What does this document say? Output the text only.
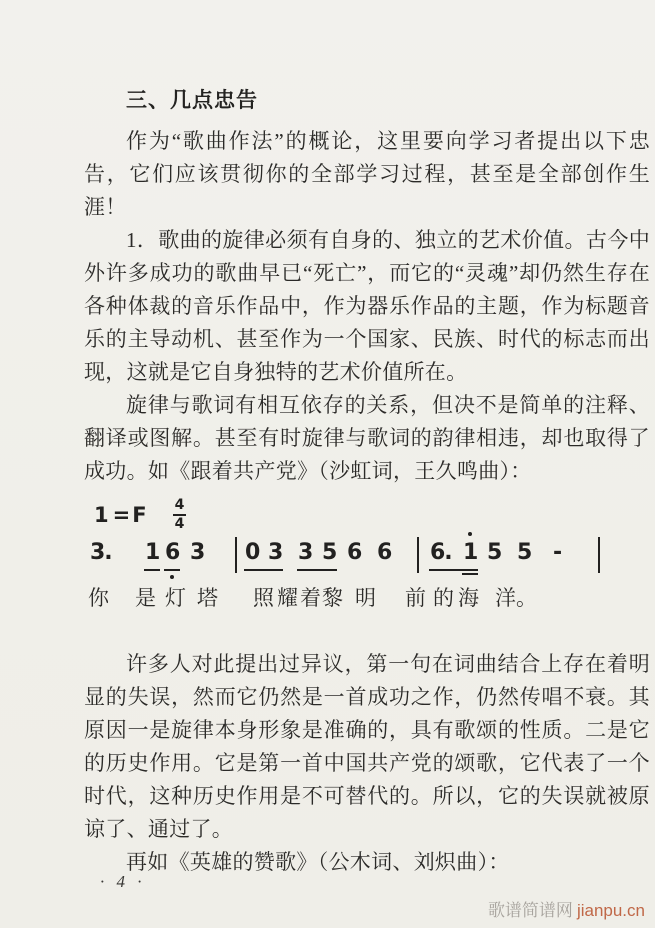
三、几点忠告

作为“歌曲作法”的概论，这里要向学习者提出以下忠告，它们应该贯彻你的全部学习过程，甚至是全部创作生涯！

1．歌曲的旋律必须有自身的、独立的艺术价值。古今中外许多成功的歌曲早已“死亡”，而它的“灵魂”却仍然生存在各种体裁的音乐作品中，作为器乐作品的主题，作为标题音乐的主导动机、甚至作为一个国家、民族、时代的标志而出现，这就是它自身独特的艺术价值所在。

旋律与歌词有相互依存的关系，但决不是简单的注释、翻译或图解。甚至有时旋律与歌词的韵律相违，却也取得了成功。如《跟着共产党》（沙虹词，王久鸣曲）：

1 = F $\frac{4}{4}$
3. 1 6 3 0 3 3 5 6 6 6. 1 5 5 -
你 是 灯 塔 照 耀 着 黎 明 前 的 海 洋。

许多人对此提出过异议，第一句在词曲结合上存在着明显的失误，然而它仍然是一首成功之作，仍然传唱不衰。其原因一是旋律本身形象是准确的，具有歌颂的性质。二是它的历史作用。它是第一首中国共产党的颂歌，它代表了一个时代，这种历史作用是不可替代的。所以，它的失误就被原谅了、通过了。

再如《英雄的赞歌》（公木词、刘炽曲）：

· 4 ·
歌谱简谱网 jianpu.cn
